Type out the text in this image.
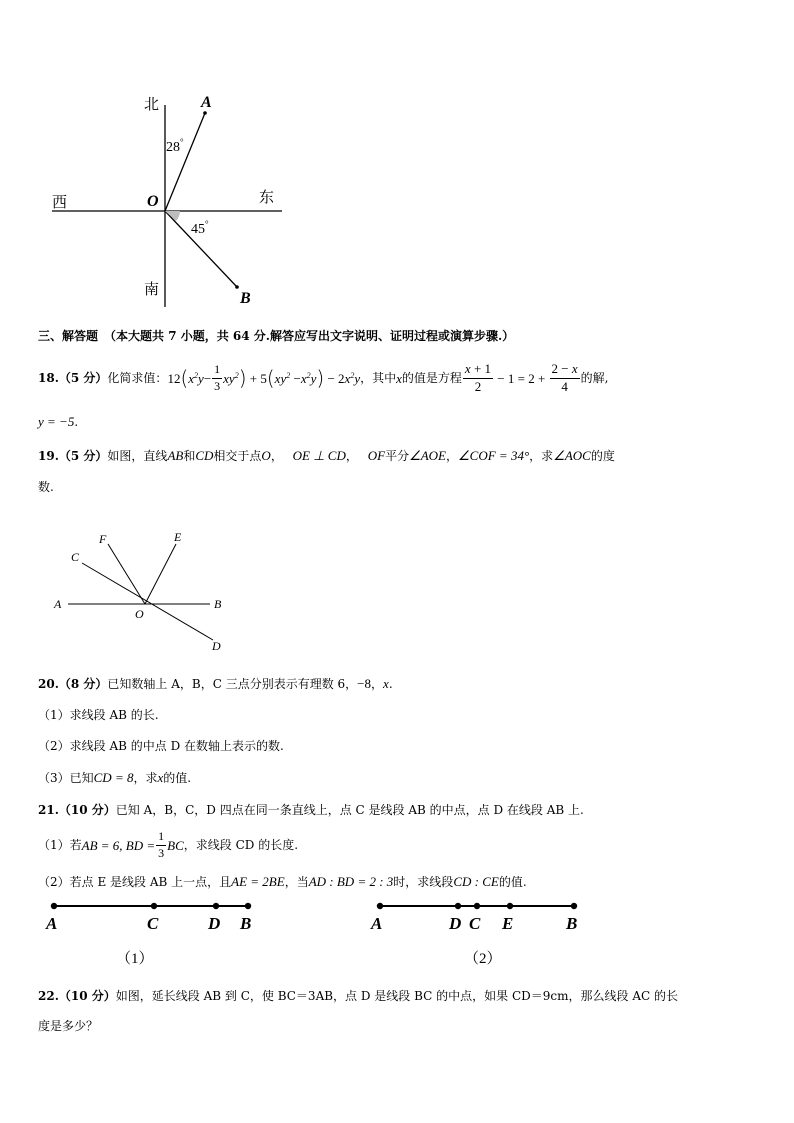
北
南
西	东
O
A
B
28°
45°
三、解答题 （本大题共 7 小题，共 64 分.解答应写出文字说明、证明过程或演算步骤.）
18. （5 分） 化简求值： 12 ( $x^2y - \frac{1}{3} xy^2$ ) + 5 ( $xy^2 - x^2y$ ) − 2 $x^2y$ ，其中 x 的值是方程 $\frac{x + 1}{2} - 1 = 2 + \frac{2 - x}{4}$ 的解,
y = −5.
19.（5 分）如图，直线AB和CD相交于点O， OE ⊥ CD， OF平分∠AOE，∠COF = 34°，求∠AOC的度
数.
A	B
C
D
E
F
O
20.（8 分）已知数轴上 A，B，C 三点分别表示有理数 6，−8，x.
（1）求线段 AB 的长.
（2）求线段 AB 的中点 D 在数轴上表示的数.
（3）已知CD = 8，求x的值.
21.（10 分）已知 A，B，C，D 四点在同一条直线上，点 C 是线段 AB 的中点，点 D 在线段 AB 上.
（1）若 AB = 6, BD = $\frac{1}{3}$ BC ，求线段 CD 的长度.
（2）若点 E 是线段 AB 上一点，且AE = 2BE，当AD : BD = 2 : 3时，求线段CD : CE的值.
A	C	D B
（1）
A	D C E	B
（2）
22.（10 分）如图，延长线段 AB 到 C，使 BC＝3AB，点 D 是线段 BC 的中点，如果 CD＝9cm，那么线段 AC 的长
度是多少？
